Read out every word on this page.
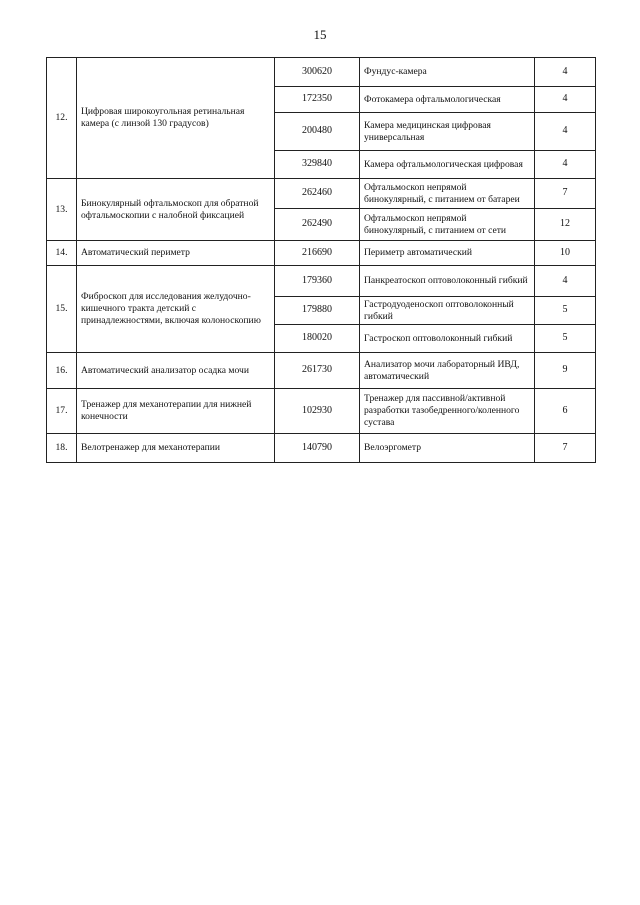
15
12.	Цифровая широкоугольная ретинальная камера (с линзой 130 градусов)	300620	Фундус-камера	4
		172350	Фотокамера офтальмологическая	4
		200480	Камера медицинская цифровая универсальная	4
		329840	Камера офтальмологическая цифровая	4
13.	Бинокулярный офтальмоскоп для обратной офтальмоскопии с налобной фиксацией	262460	Офтальмоскоп непрямой бинокулярный, с питанием от батареи	7
		262490	Офтальмоскоп непрямой бинокулярный, с питанием от сети	12
14.	Автоматический периметр	216690	Периметр автоматический	10
15.	Фиброскоп для исследования желудочно-кишечного тракта детский с принадлежностями, включая колоноскопию	179360	Панкреатоскоп оптоволоконный гибкий	4
		179880	Гастродуоденоскоп оптоволоконный гибкий	5
		180020	Гастроскоп оптоволоконный гибкий	5
16.	Автоматический анализатор осадка мочи	261730	Анализатор мочи лабораторный ИВД, автоматический	9
17.	Тренажер для механотерапии для нижней конечности	102930	Тренажер для пассивной/активной разработки тазобедренного/коленного сустава	6
18.	Велотренажер для механотерапии	140790	Велоэргометр	7
